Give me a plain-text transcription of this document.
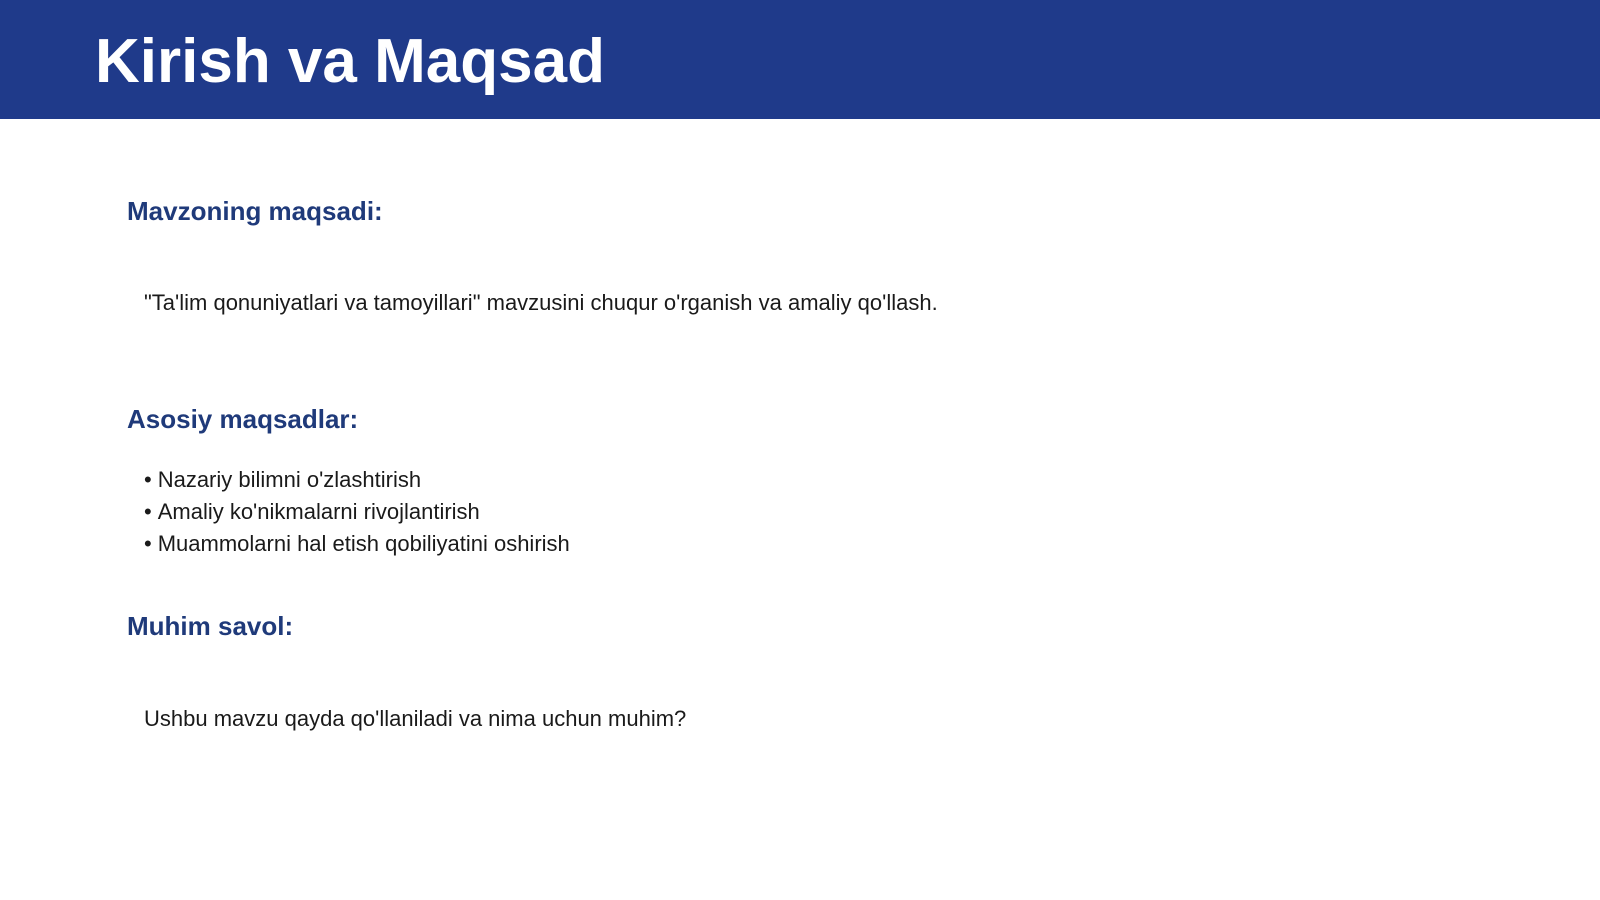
Kirish va Maqsad
Mavzoning maqsadi:

"Ta'lim qonuniyatlari va tamoyillari" mavzusini chuqur o'rganish va amaliy qo'llash.

Asosiy maqsadlar:
• Nazariy bilimni o'zlashtirish
• Amaliy ko'nikmalarni rivojlantirish
• Muammolarni hal etish qobiliyatini oshirish
Muhim savol:

Ushbu mavzu qayda qo'llaniladi va nima uchun muhim?
